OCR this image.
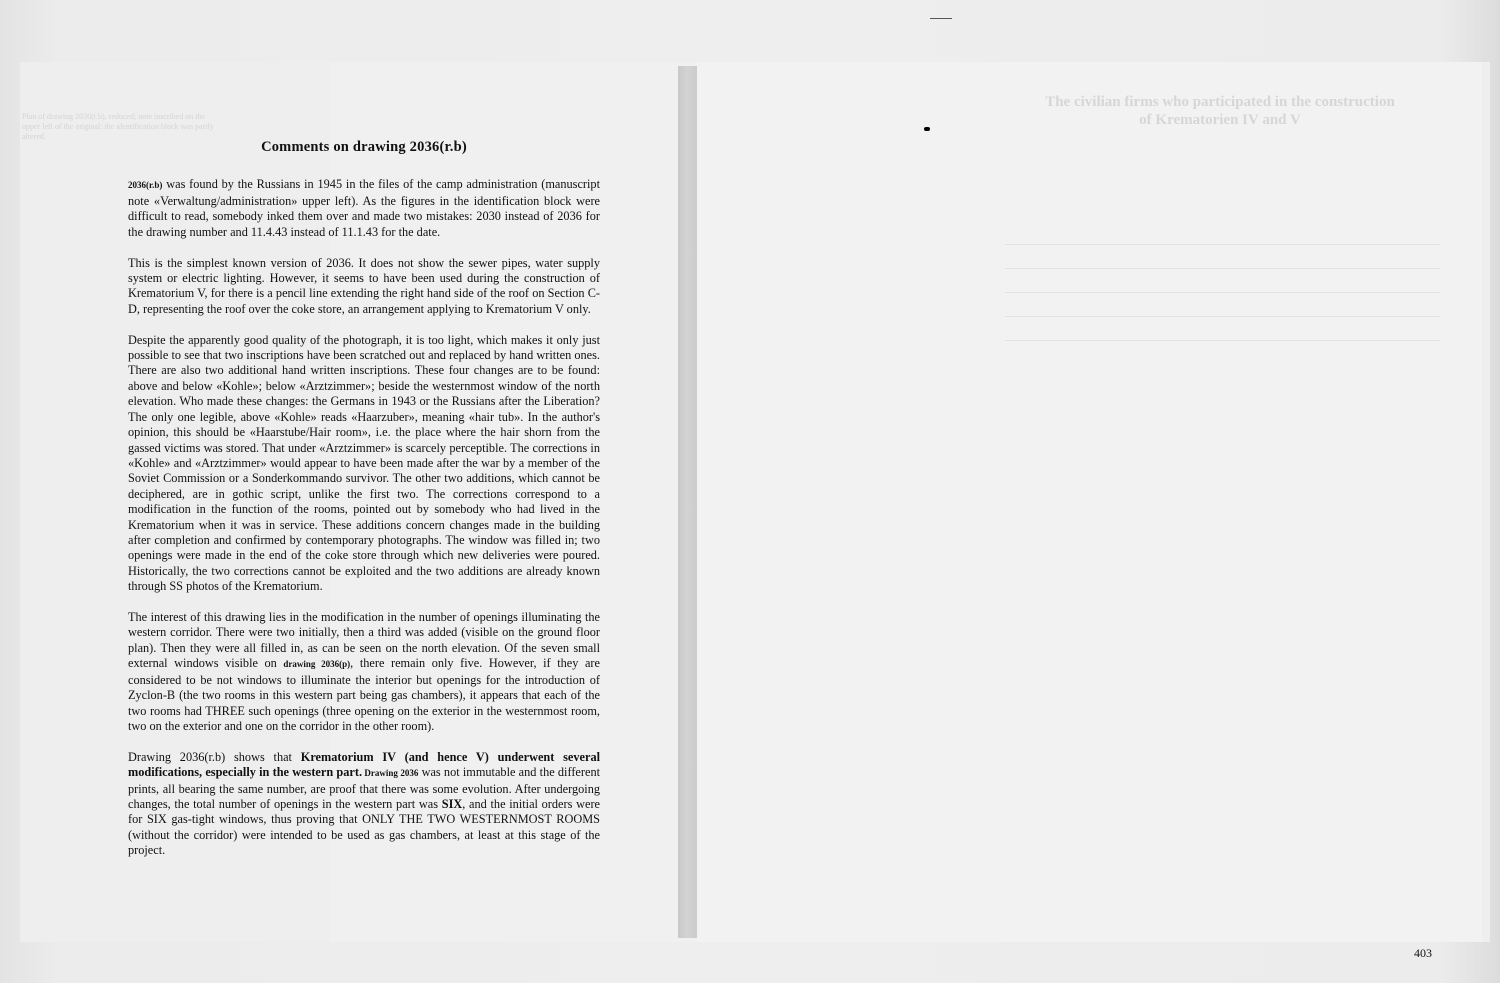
Plan of drawing 2036(r.b), reduced; note inscribed on the upper left of the original: the identification block was partly altered.
The civilian firms who participated in the construction of Krematorien IV and V
Comments on drawing 2036(r.b)

2036(r.b) was found by the Russians in 1945 in the files of the camp administration (manuscript note «Verwaltung/administration» upper left). As the figures in the identification block were difficult to read, somebody inked them over and made two mistakes: 2030 instead of 2036 for the drawing number and 11.4.43 instead of 11.1.43 for the date.

This is the simplest known version of 2036. It does not show the sewer pipes, water supply system or electric lighting. However, it seems to have been used during the construction of Krematorium V, for there is a pencil line extending the right hand side of the roof on Section C-D, representing the roof over the coke store, an arrangement applying to Krematorium V only.

Despite the apparently good quality of the photograph, it is too light, which makes it only just possible to see that two inscriptions have been scratched out and replaced by hand written ones. There are also two additional hand written inscriptions. These four changes are to be found: above and below «Kohle»; below «Arztzimmer»; beside the westernmost window of the north elevation. Who made these changes: the Germans in 1943 or the Russians after the Liberation? The only one legible, above «Kohle» reads «Haarzuber», meaning «hair tub». In the author's opinion, this should be «Haarstube/Hair room», i.e. the place where the hair shorn from the gassed victims was stored. That under «Arztzimmer» is scarcely perceptible. The corrections in «Kohle» and «Arztzimmer» would appear to have been made after the war by a member of the Soviet Commission or a Sonderkommando survivor. The other two additions, which cannot be deciphered, are in gothic script, unlike the first two. The corrections correspond to a modification in the function of the rooms, pointed out by somebody who had lived in the Krematorium when it was in service. These additions concern changes made in the building after completion and confirmed by contemporary photographs. The window was filled in; two openings were made in the end of the coke store through which new deliveries were poured. Historically, the two corrections cannot be exploited and the two additions are already known through SS photos of the Krematorium.

The interest of this drawing lies in the modification in the number of openings illuminating the western corridor. There were two initially, then a third was added (visible on the ground floor plan). Then they were all filled in, as can be seen on the north elevation. Of the seven small external windows visible on drawing 2036(p), there remain only five. However, if they are considered to be not windows to illuminate the interior but openings for the introduction of Zyclon-B (the two rooms in this western part being gas chambers), it appears that each of the two rooms had THREE such openings (three opening on the exterior in the westernmost room, two on the exterior and one on the corridor in the other room).

Drawing 2036(r.b) shows that Krematorium IV (and hence V) underwent several modifications, especially in the western part. Drawing 2036 was not immutable and the different prints, all bearing the same number, are proof that there was some evolution. After undergoing changes, the total number of openings in the western part was SIX, and the initial orders were for SIX gas-tight windows, thus proving that ONLY THE TWO WESTERNMOST ROOMS (without the corridor) were intended to be used as gas chambers, at least at this stage of the project.

403
